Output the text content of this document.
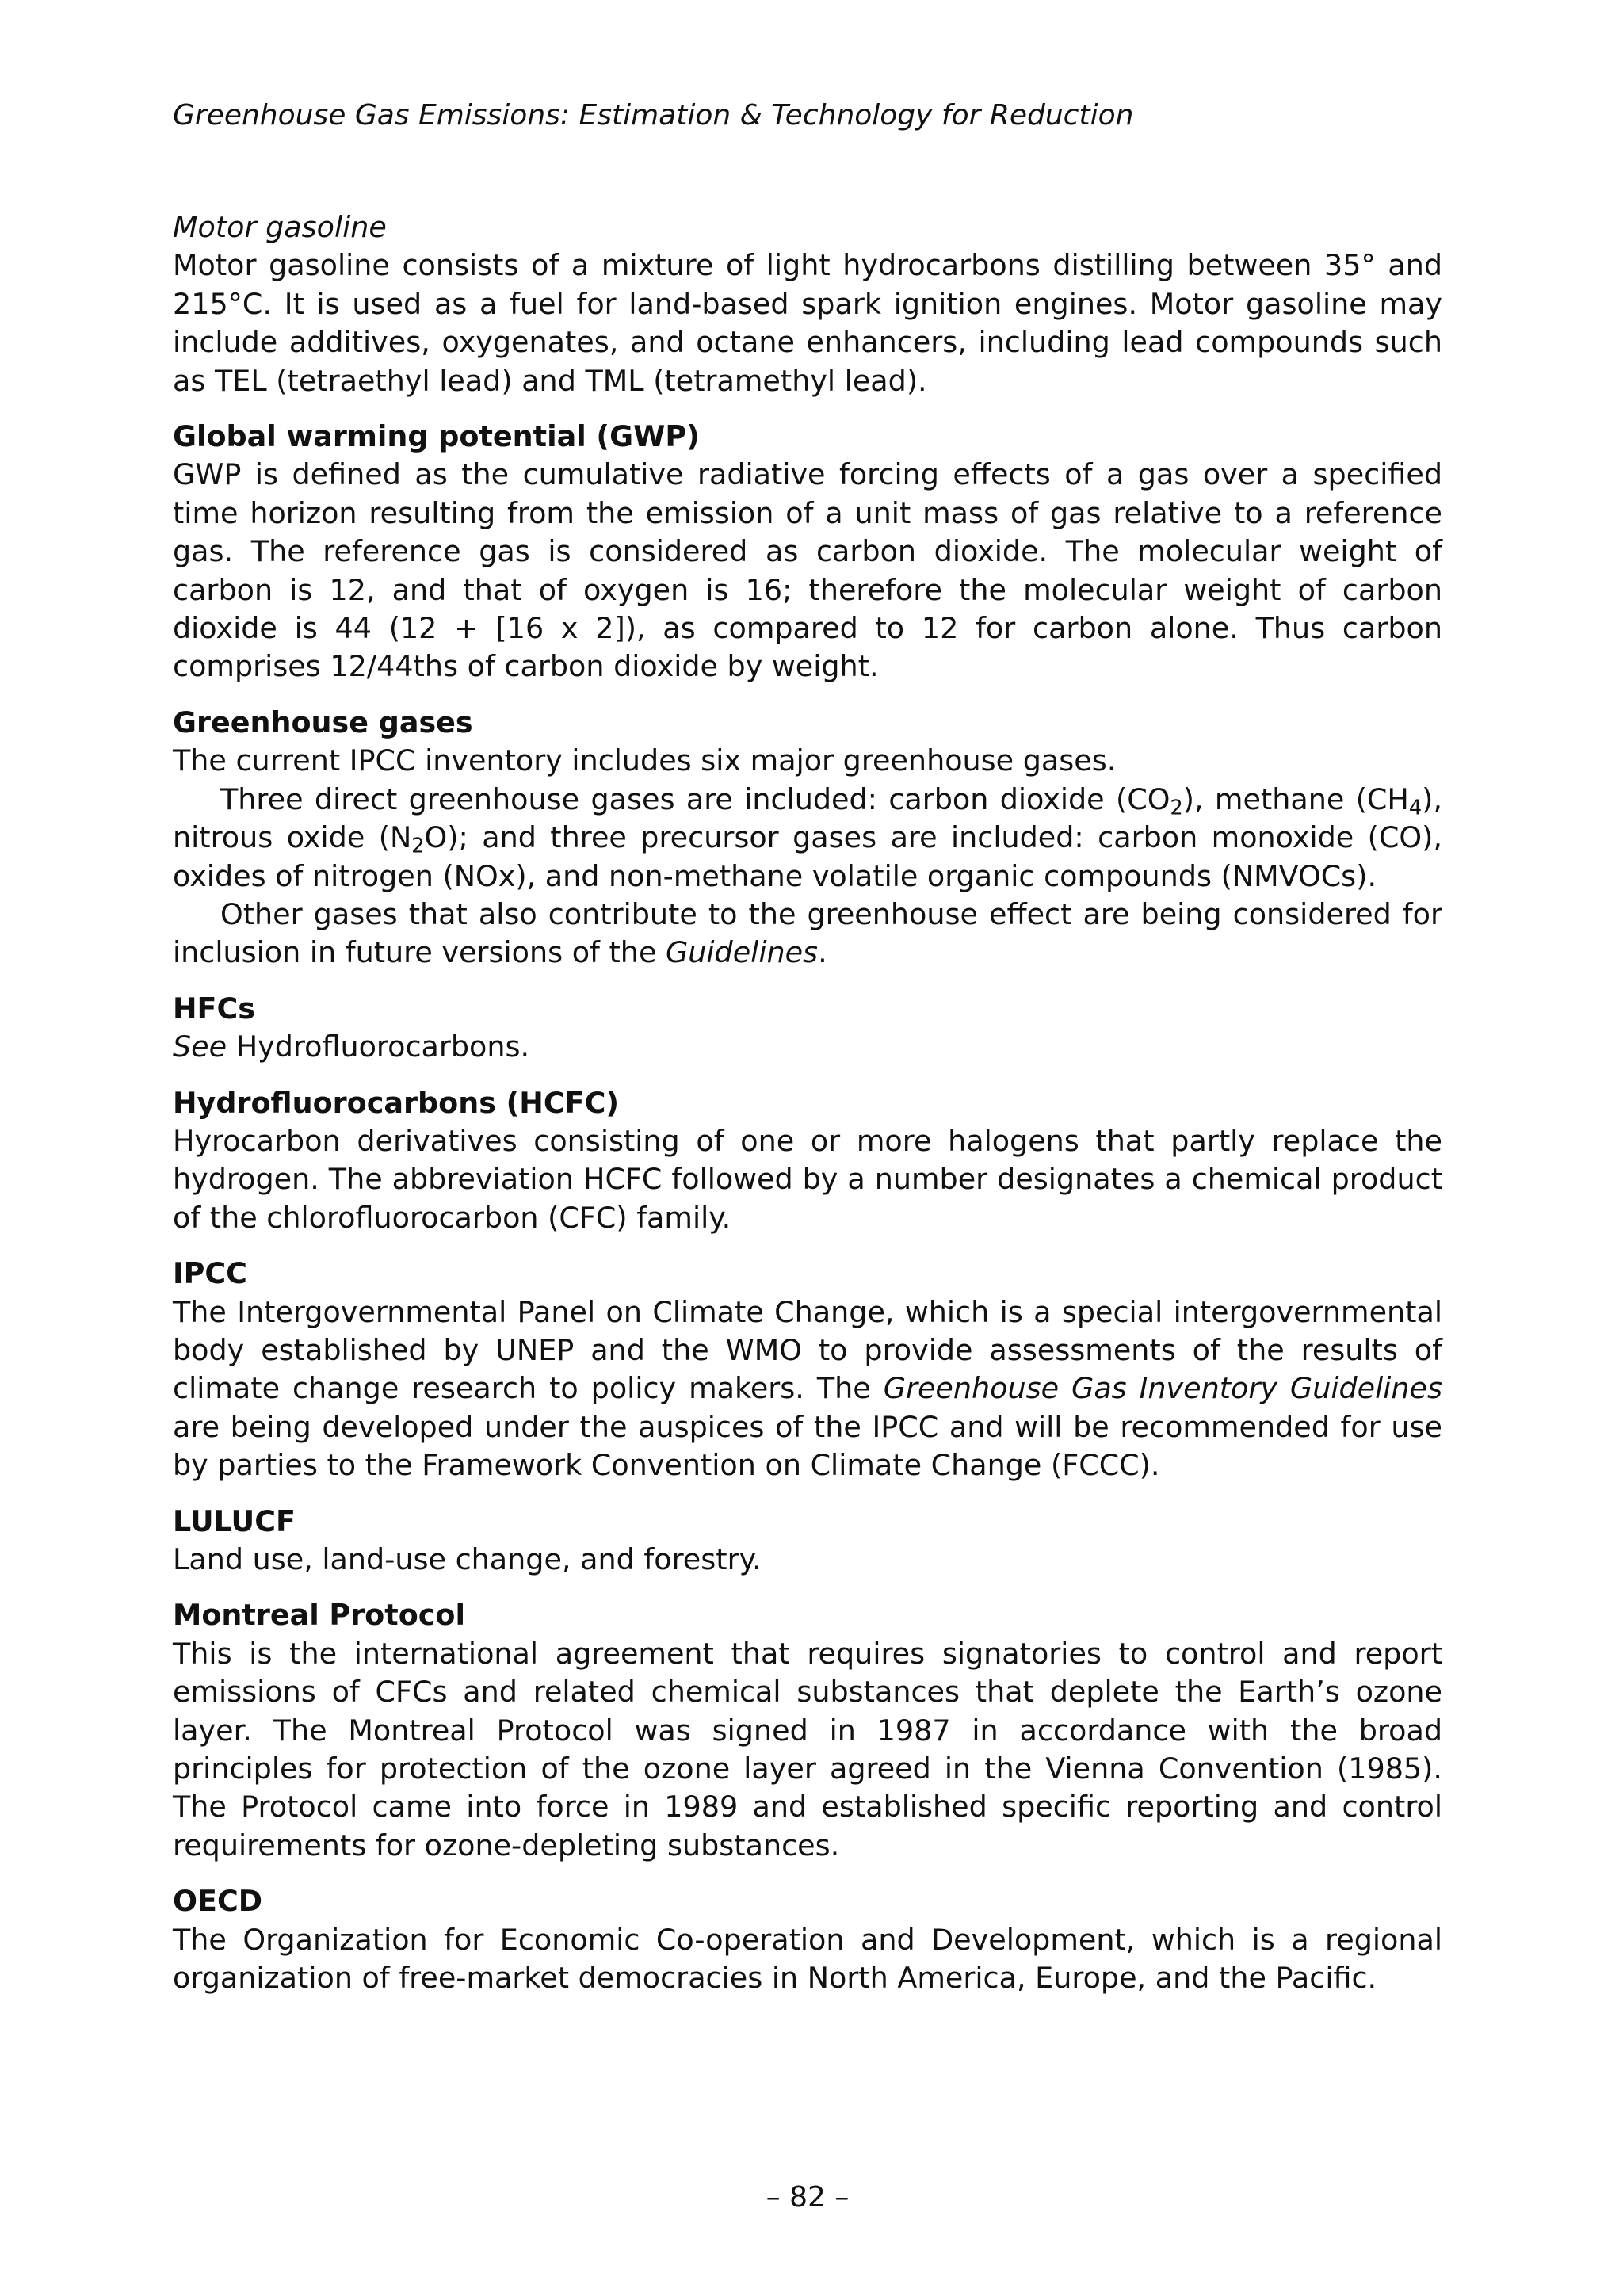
Greenhouse Gas Emissions: Estimation & Technology for Reduction
Motor gasoline

Motor gasoline consists of a mixture of light hydrocarbons distilling between 35° and 215°C. It is used as a fuel for land-based spark ignition engines. Motor gasoline may include additives, oxygenates, and octane enhancers, including lead compounds such as TEL (tetraethyl lead) and TML (tetramethyl lead).

Global warming potential (GWP)

GWP is defined as the cumulative radiative forcing effects of a gas over a specified time horizon resulting from the emission of a unit mass of gas relative to a reference gas. The reference gas is considered as carbon dioxide. The molecular weight of carbon is 12, and that of oxygen is 16; therefore the molecular weight of carbon dioxide is 44 (12 + [16 x 2]), as compared to 12 for carbon alone. Thus carbon comprises 12/44ths of carbon dioxide by weight.

Greenhouse gases

The current IPCC inventory includes six major greenhouse gases.

Three direct greenhouse gases are included: carbon dioxide $(CO_2)$, methane $(CH_4)$, nitrous oxide $(N_2O)$; and three precursor gases are included: carbon monoxide (CO), oxides of nitrogen (NOx), and non-methane volatile organic compounds (NMVOCs).

Other gases that also contribute to the greenhouse effect are being considered for inclusion in future versions of the Guidelines.

HFCs

See Hydrofluorocarbons.

Hydrofluorocarbons (HCFC)

Hyrocarbon derivatives consisting of one or more halogens that partly replace the hydrogen. The abbreviation HCFC followed by a number designates a chemical product of the chlorofluorocarbon (CFC) family.

IPCC

The Intergovernmental Panel on Climate Change, which is a special intergovernmental body established by UNEP and the WMO to provide assessments of the results of climate change research to policy makers. The Greenhouse Gas Inventory Guidelines are being developed under the auspices of the IPCC and will be recommended for use by parties to the Framework Convention on Climate Change (FCCC).

LULUCF

Land use, land-use change, and forestry.

Montreal Protocol

This is the international agreement that requires signatories to control and report emissions of CFCs and related chemical substances that deplete the Earth’s ozone layer. The Montreal Protocol was signed in 1987 in accordance with the broad principles for protection of the ozone layer agreed in the Vienna Convention (1985). The Protocol came into force in 1989 and established specific reporting and control requirements for ozone-depleting substances.

OECD

The Organization for Economic Co-operation and Development, which is a regional organization of free-market democracies in North America, Europe, and the Pacific.

– 82 –
